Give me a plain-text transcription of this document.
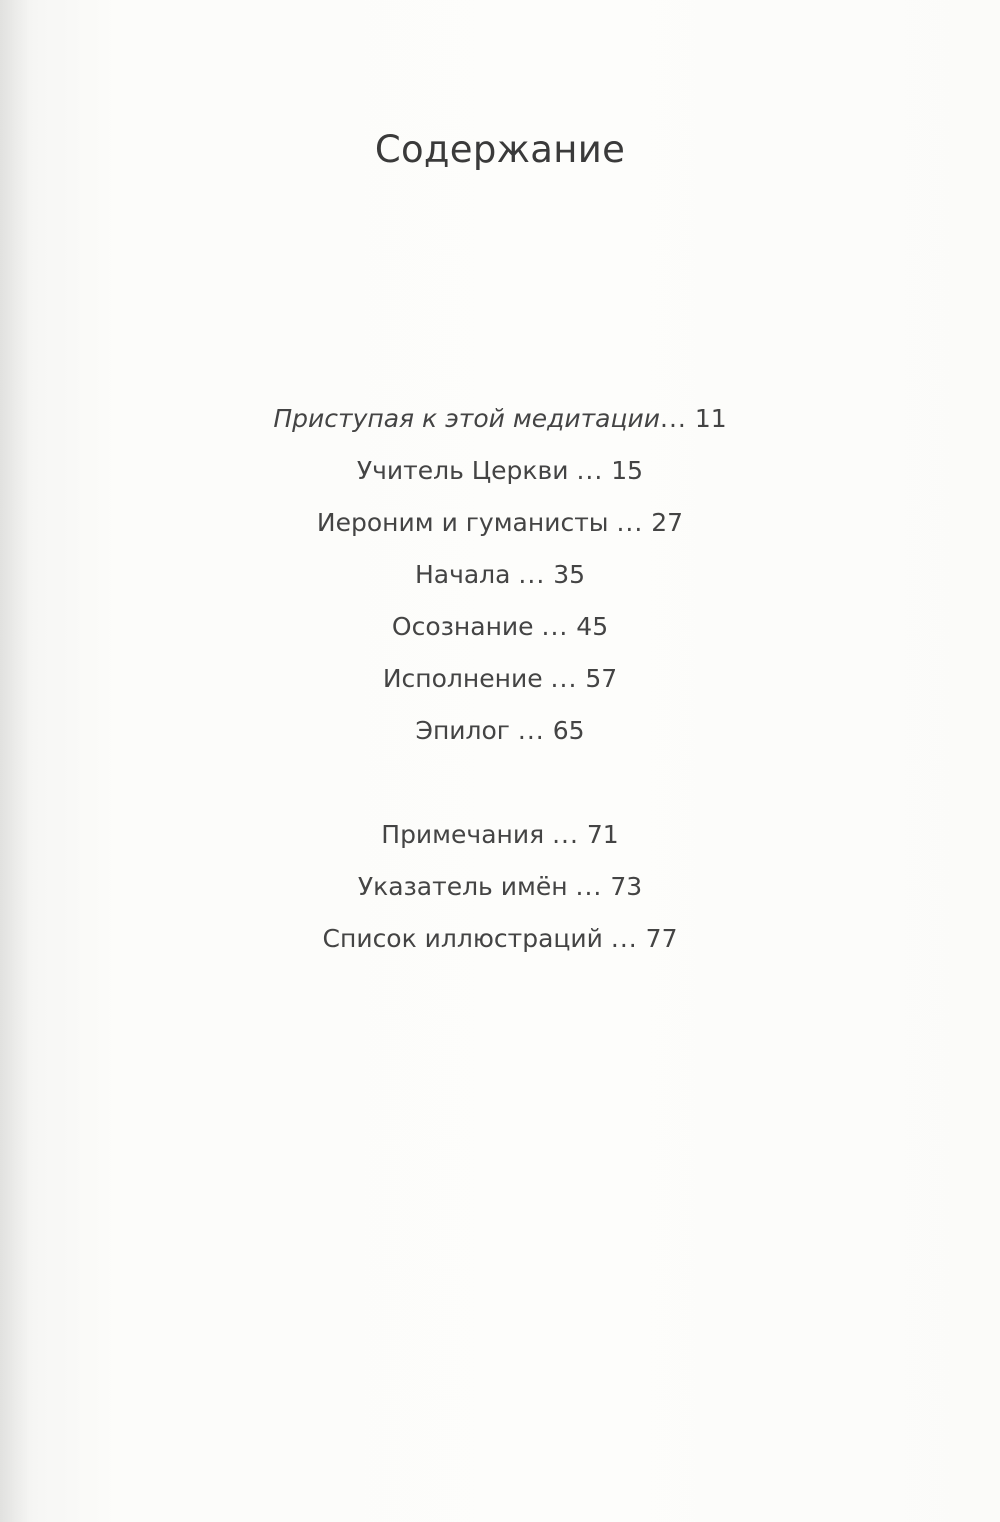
Содержание
Приступая к этой медитации... 11
Учитель Церкви ... 15
Иероним и гуманисты ... 27
Начала ... 35
Осознание ... 45
Исполнение ... 57
Эпилог ... 65
Примечания ... 71
Указатель имён ... 73
Список иллюстраций ... 77
